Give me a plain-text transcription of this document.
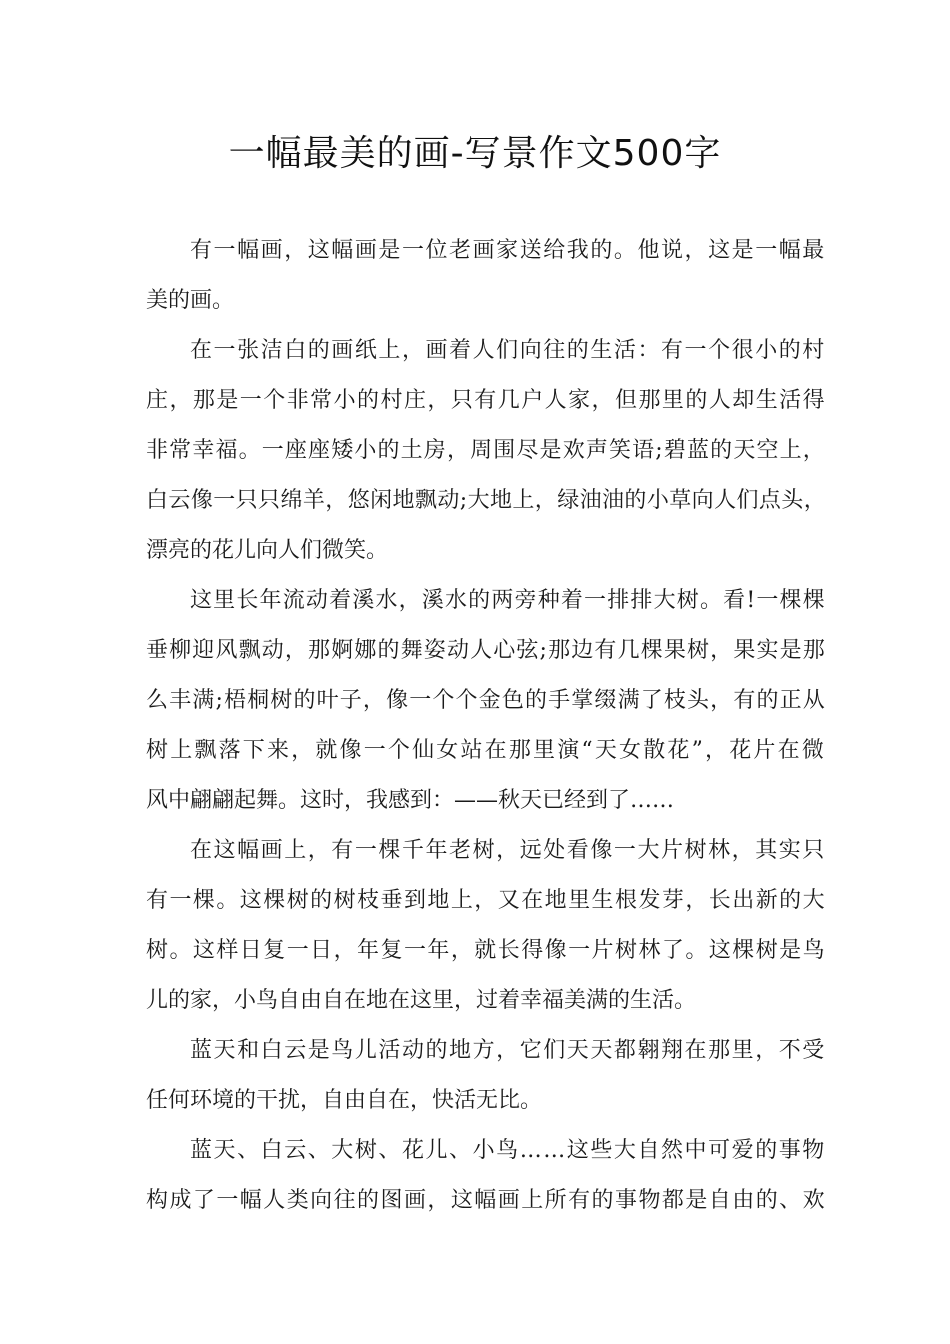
一幅最美的画-写景作文500字
有一幅画，这幅画是一位老画家送给我的。他说，这是一幅最
美的画。
在一张洁白的画纸上，画着人们向往的生活：有一个很小的村
庄，那是一个非常小的村庄，只有几户人家，但那里的人却生活得
非常幸福。一座座矮小的土房，周围尽是欢声笑语;碧蓝的天空上，
白云像一只只绵羊，悠闲地飘动;大地上，绿油油的小草向人们点头，
漂亮的花儿向人们微笑。
这里长年流动着溪水，溪水的两旁种着一排排大树。看!一棵棵
垂柳迎风飘动，那婀娜的舞姿动人心弦;那边有几棵果树，果实是那
么丰满;梧桐树的叶子，像一个个金色的手掌缀满了枝头，有的正从
树上飘落下来，就像一个仙女站在那里演“天女散花”，花片在微
风中翩翩起舞。这时，我感到：——秋天已经到了……
在这幅画上，有一棵千年老树，远处看像一大片树林，其实只
有一棵。这棵树的树枝垂到地上，又在地里生根发芽，长出新的大
树。这样日复一日，年复一年，就长得像一片树林了。这棵树是鸟
儿的家，小鸟自由自在地在这里，过着幸福美满的生活。
蓝天和白云是鸟儿活动的地方，它们天天都翱翔在那里，不受
任何环境的干扰，自由自在，快活无比。
蓝天、白云、大树、花儿、小鸟……这些大自然中可爱的事物
构成了一幅人类向往的图画，这幅画上所有的事物都是自由的、欢
